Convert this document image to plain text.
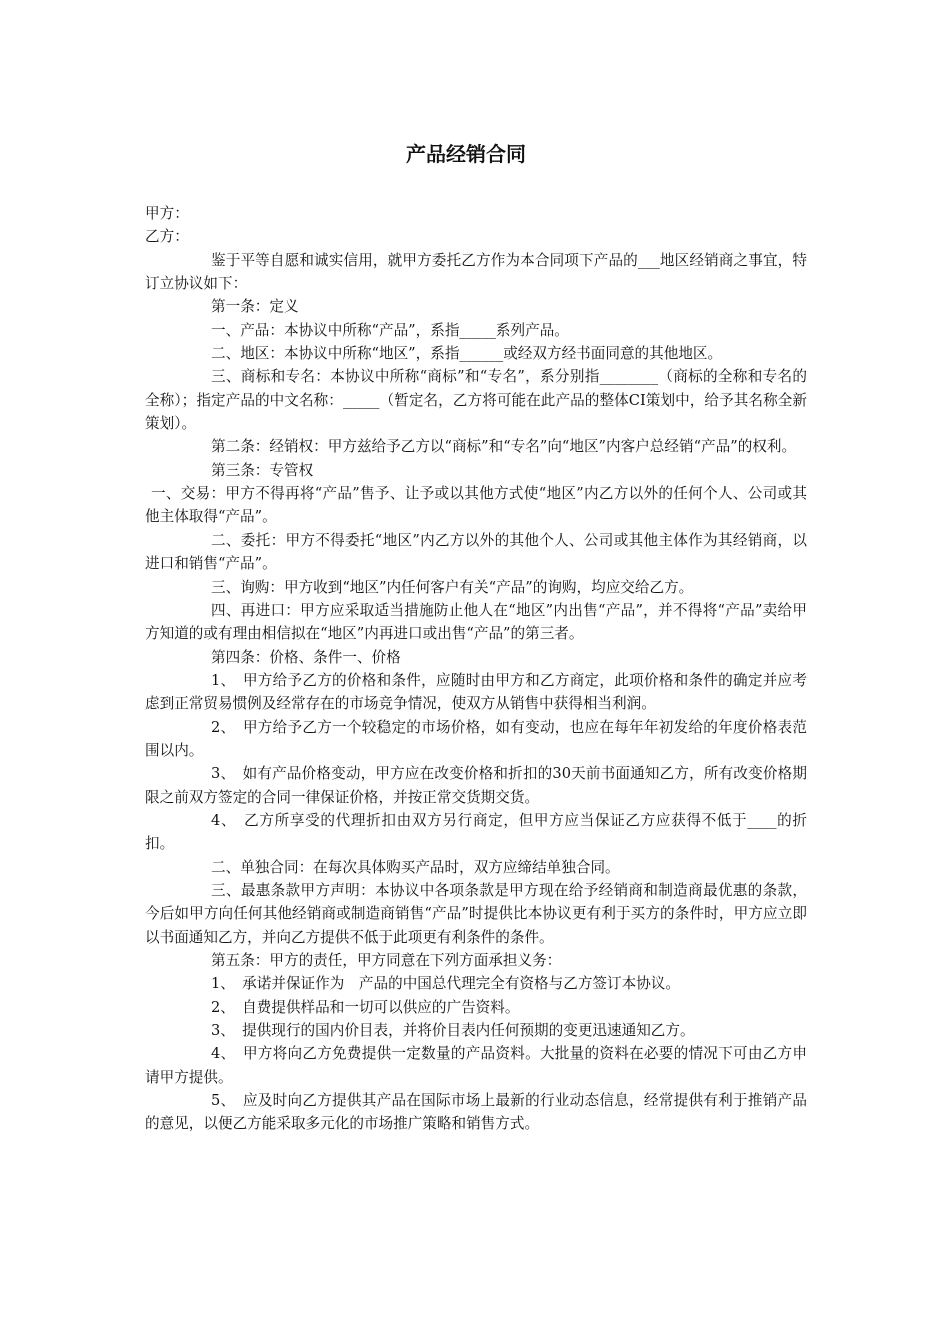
产品经销合同

甲方：

乙方：

鉴于平等自愿和诚实信用，就甲方委托乙方作为本合同项下产品的___地区经销商之事宜，特订立协议如下：

第一条：定义

一、产品：本协议中所称“产品”，系指_____系列产品。

二、地区：本协议中所称“地区”，系指______或经双方经书面同意的其他地区。

三、商标和专名：本协议中所称“商标”和“专名”，系分别指________（商标的全称和专名的全称）；指定产品的中文名称：_____（暂定名，乙方将可能在此产品的整体CI策划中，给予其名称全新策划）。

第二条：经销权：甲方兹给予乙方以“商标”和“专名”向“地区”内客户总经销“产品”的权利。

第三条：专管权

一、交易：甲方不得再将“产品”售予、让予或以其他方式使“地区”内乙方以外的任何个人、公司或其他主体取得“产品”。

二、委托：甲方不得委托“地区”内乙方以外的其他个人、公司或其他主体作为其经销商，以进口和销售“产品”。

三、询购：甲方收到“地区”内任何客户有关“产品”的询购，均应交给乙方。

四、再进口：甲方应采取适当措施防止他人在“地区”内出售“产品”，并不得将“产品”卖给甲方知道的或有理由相信拟在“地区”内再进口或出售“产品”的第三者。

第四条：价格、条件一、价格

1、　甲方给予乙方的价格和条件，应随时由甲方和乙方商定，此项价格和条件的确定并应考虑到正常贸易惯例及经常存在的市场竞争情况，使双方从销售中获得相当利润。

2、　甲方给予乙方一个较稳定的市场价格，如有变动，也应在每年年初发给的年度价格表范围以内。

3、　如有产品价格变动，甲方应在改变价格和折扣的30天前书面通知乙方，所有改变价格期限之前双方签定的合同一律保证价格，并按正常交货期交货。

4、　乙方所享受的代理折扣由双方另行商定，但甲方应当保证乙方应获得不低于____的折扣。

二、单独合同：在每次具体购买产品时，双方应缔结单独合同。

三、最惠条款甲方声明：本协议中各项条款是甲方现在给予经销商和制造商最优惠的条款，今后如甲方向任何其他经销商或制造商销售“产品”时提供比本协议更有利于买方的条件时，甲方应立即以书面通知乙方，并向乙方提供不低于此项更有利条件的条件。

第五条：甲方的责任，甲方同意在下列方面承担义务：

1、　承诺并保证作为　产品的中国总代理完全有资格与乙方签订本协议。

2、　自费提供样品和一切可以供应的广告资料。

3、　提供现行的国内价目表，并将价目表内任何预期的变更迅速通知乙方。

4、　甲方将向乙方免费提供一定数量的产品资料。大批量的资料在必要的情况下可由乙方申请甲方提供。

5、　应及时向乙方提供其产品在国际市场上最新的行业动态信息，经常提供有利于推销产品的意见，以便乙方能采取多元化的市场推广策略和销售方式。
